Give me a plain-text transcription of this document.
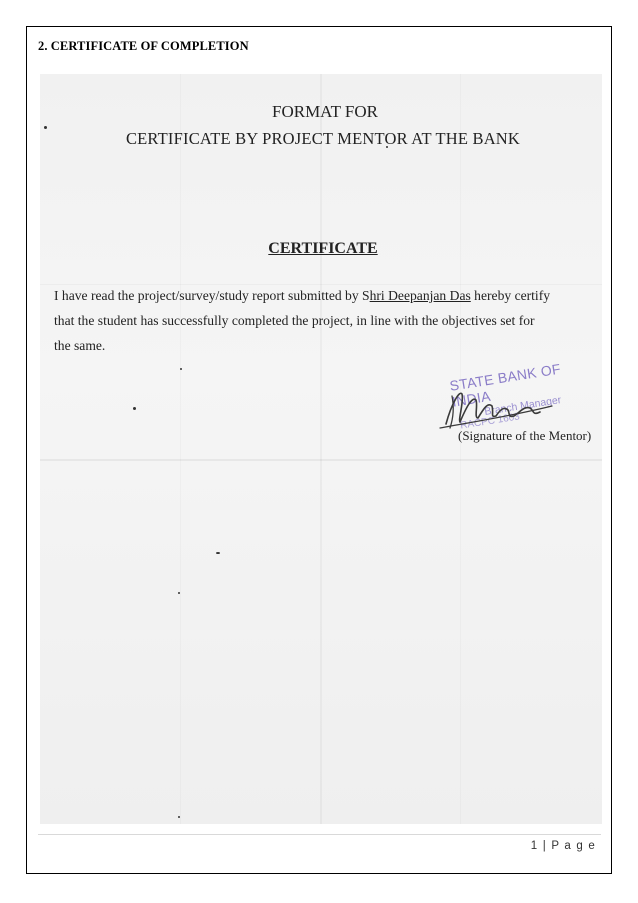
2. CERTIFICATE OF COMPLETION
FORMAT FOR
CERTIFICATE BY PROJECT MENTOR AT THE BANK
CERTIFICATE
I have read the project/survey/study report submitted by Shri Deepanjan Das hereby certify
that the student has successfully completed the project, in line with the objectives set for
the same.
STATE BANK OF INDIA
Branch Manager
RACPC 1603
(Signature of the Mentor)
1 | P a g e
